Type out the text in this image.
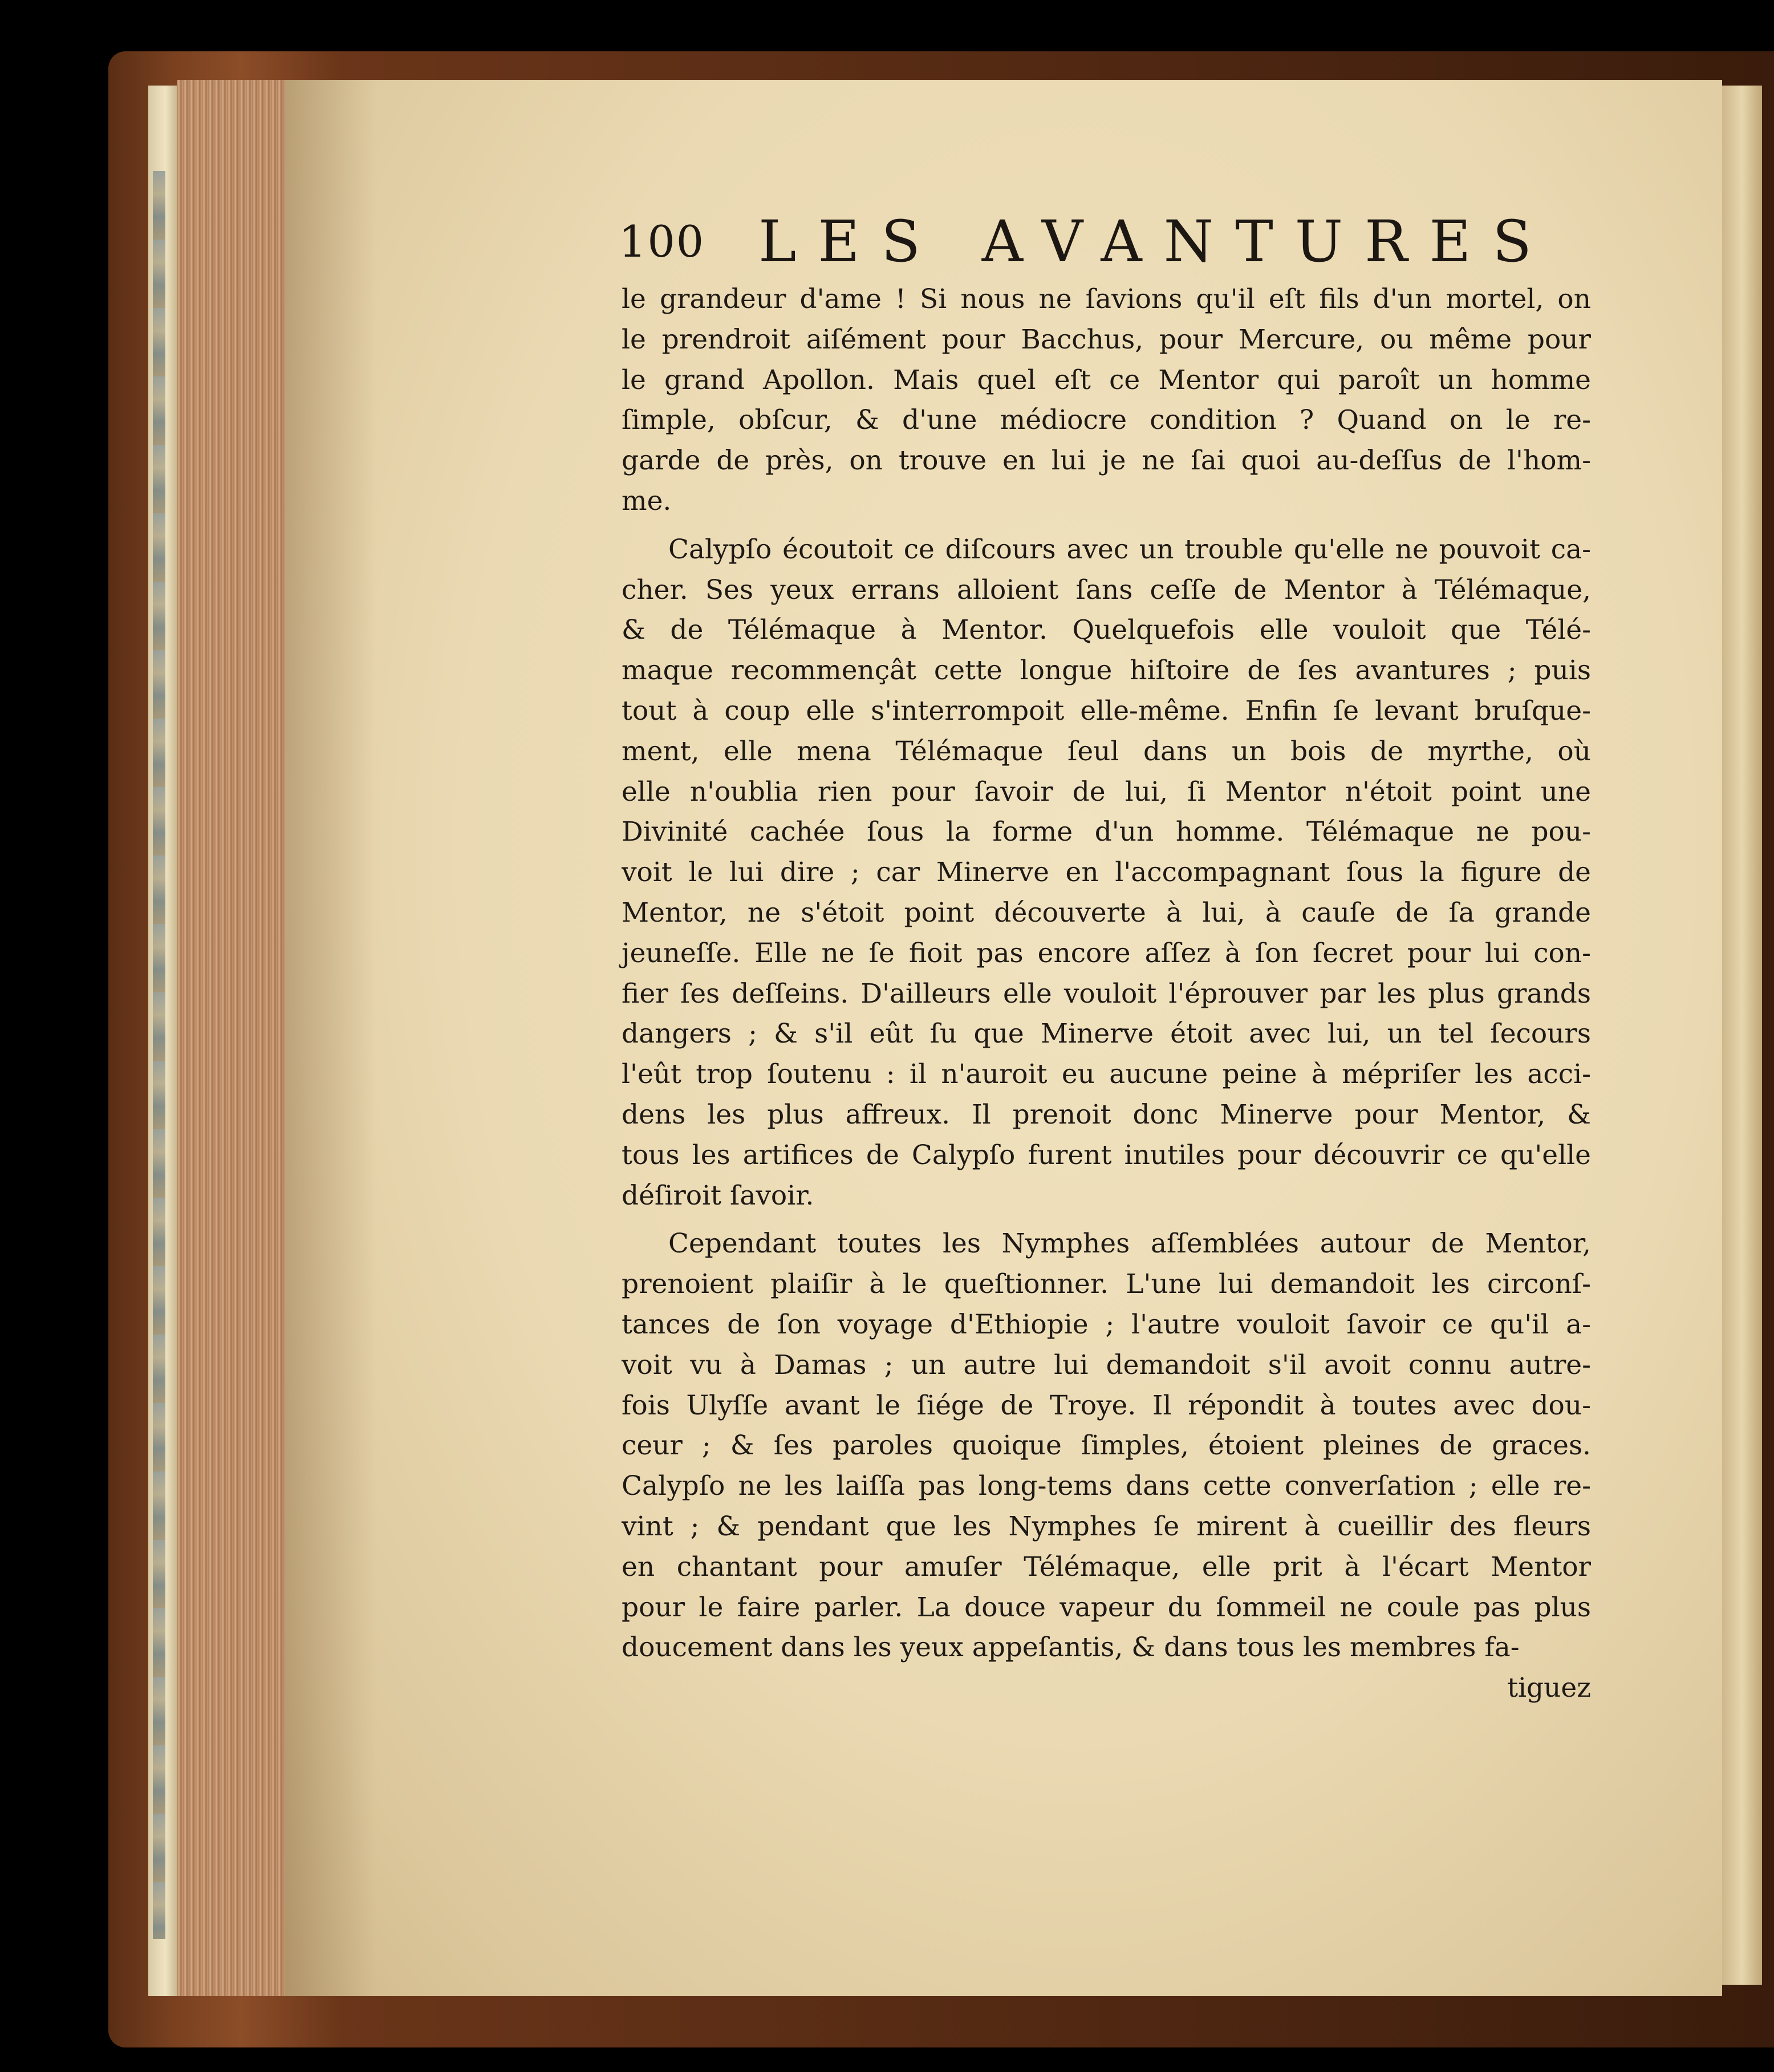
100 LES AVANTURES
le grandeur d'ame ! Si nous ne ſavions qu'il eſt fils d'un mortel, on
le prendroit aiſément pour Bacchus, pour Mercure, ou même pour
le grand Apollon. Mais quel eſt ce Mentor qui paroît un homme
ſimple, obſcur, & d'une médiocre condition ? Quand on le re-
garde de près, on trouve en lui je ne ſai quoi au-deſſus de l'hom-
me.
Calypſo écoutoit ce diſcours avec un trouble qu'elle ne pouvoit ca-
cher. Ses yeux errans alloient ſans ceſſe de Mentor à Télémaque,
& de Télémaque à Mentor. Quelquefois elle vouloit que Télé-
maque recommençât cette longue hiſtoire de ſes avantures ; puis
tout à coup elle s'interrompoit elle-même. Enfin ſe levant bruſque-
ment, elle mena Télémaque ſeul dans un bois de myrthe, où
elle n'oublia rien pour ſavoir de lui, ſi Mentor n'étoit point une
Divinité cachée ſous la forme d'un homme. Télémaque ne pou-
voit le lui dire ; car Minerve en l'accompagnant ſous la figure de
Mentor, ne s'étoit point découverte à lui, à cauſe de ſa grande
jeuneſſe. Elle ne ſe fioit pas encore aſſez à ſon ſecret pour lui con-
fier ſes deſſeins. D'ailleurs elle vouloit l'éprouver par les plus grands
dangers ; & s'il eût ſu que Minerve étoit avec lui, un tel ſecours
l'eût trop ſoutenu : il n'auroit eu aucune peine à mépriſer les acci-
dens les plus affreux. Il prenoit donc Minerve pour Mentor, &
tous les artifices de Calypſo furent inutiles pour découvrir ce qu'elle
déſiroit ſavoir.
Cependant toutes les Nymphes aſſemblées autour de Mentor,
prenoient plaiſir à le queſtionner. L'une lui demandoit les circonſ-
tances de ſon voyage d'Ethiopie ; l'autre vouloit ſavoir ce qu'il a-
voit vu à Damas ; un autre lui demandoit s'il avoit connu autre-
fois Ulyſſe avant le ſiége de Troye. Il répondit à toutes avec dou-
ceur ; & ſes paroles quoique ſimples, étoient pleines de graces.
Calypſo ne les laiſſa pas long-tems dans cette converſation ; elle re-
vint ; & pendant que les Nymphes ſe mirent à cueillir des fleurs
en chantant pour amuſer Télémaque, elle prit à l'écart Mentor
pour le faire parler. La douce vapeur du ſommeil ne coule pas plus
doucement dans les yeux appeſantis, & dans tous les membres fa-
tiguez
